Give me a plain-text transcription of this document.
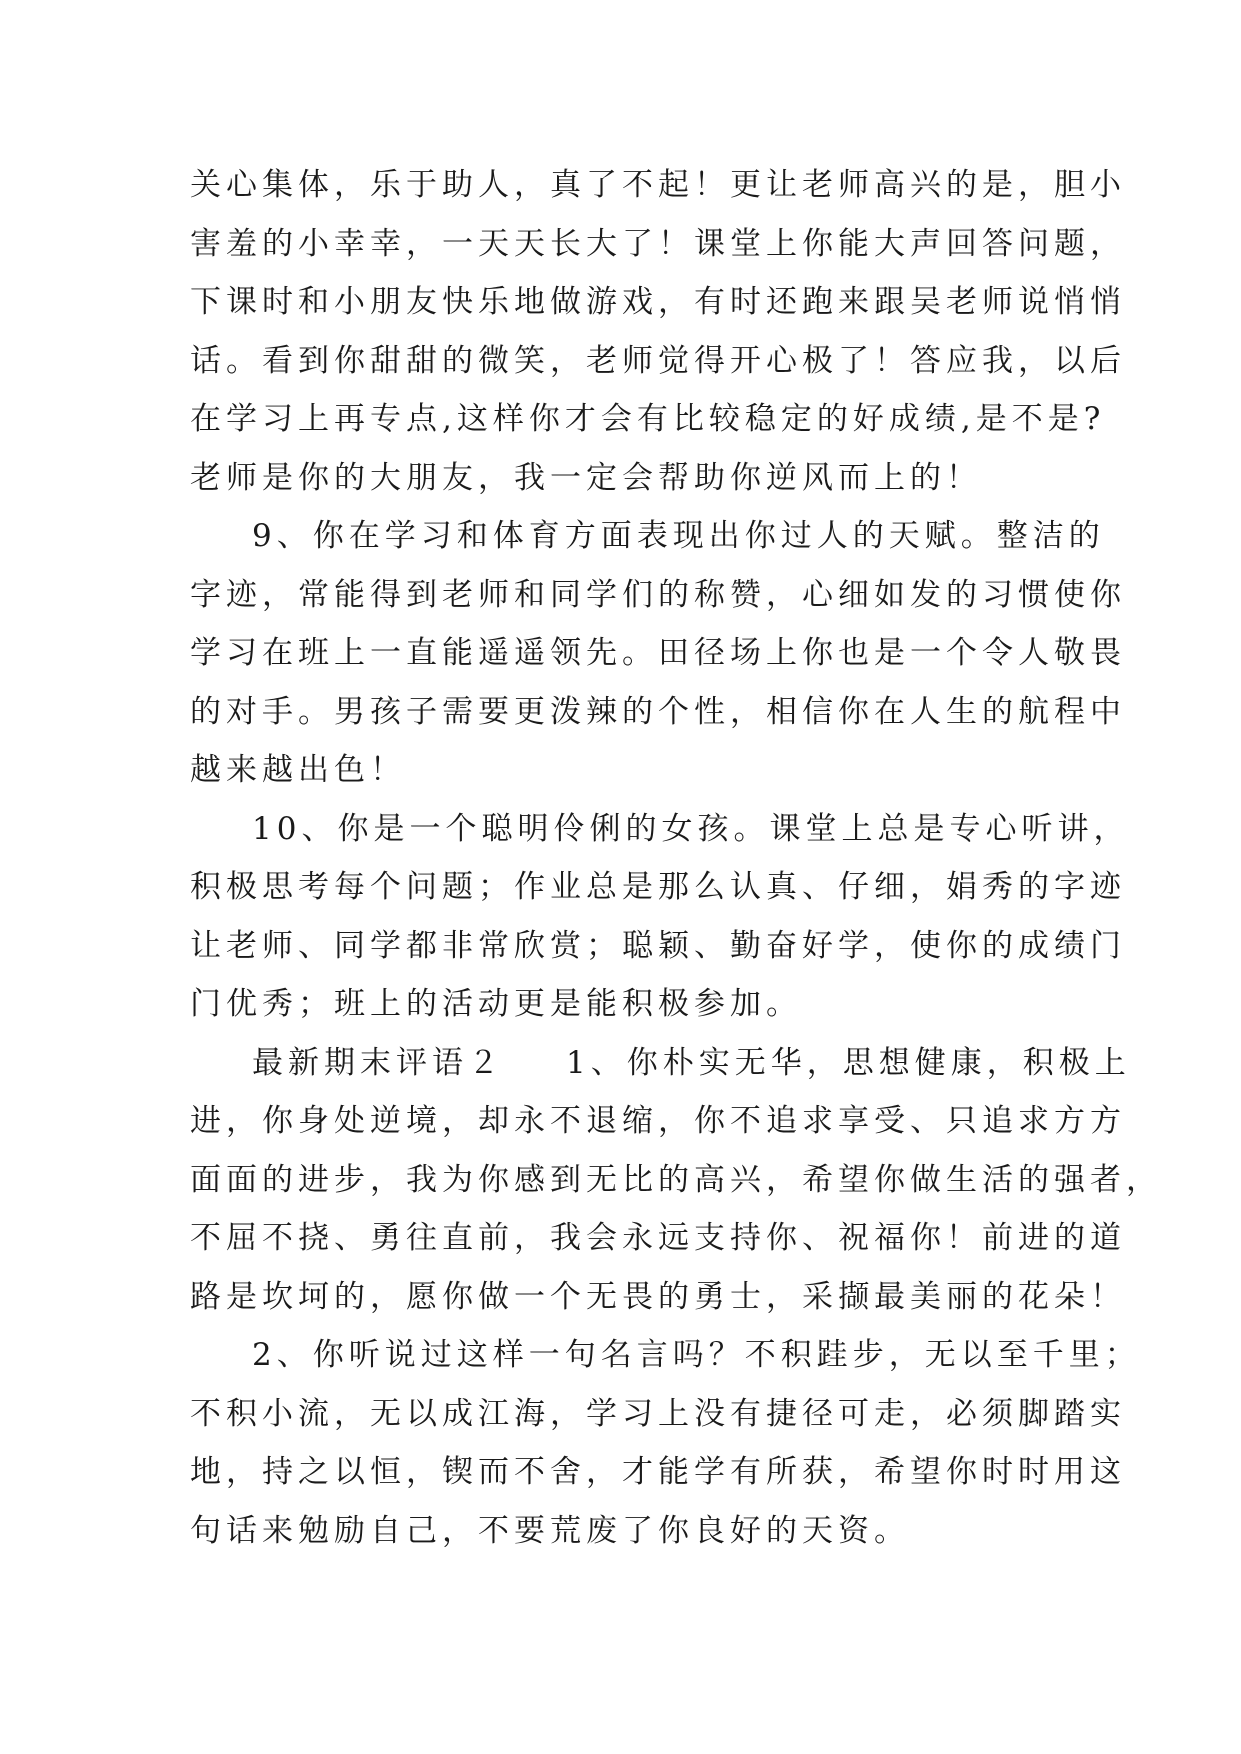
关心集体，乐于助人，真了不起！更让老师高兴的是，胆小
害羞的小幸幸，一天天长大了！课堂上你能大声回答问题，
下课时和小朋友快乐地做游戏，有时还跑来跟吴老师说悄悄
话。看到你甜甜的微笑，老师觉得开心极了！答应我，以后
在学习上再专点,这样你才会有比较稳定的好成绩,是不是?
老师是你的大朋友，我一定会帮助你逆风而上的！
9、你在学习和体育方面表现出你过人的天赋。整洁的
字迹，常能得到老师和同学们的称赞，心细如发的习惯使你
学习在班上一直能遥遥领先。田径场上你也是一个令人敬畏
的对手。男孩子需要更泼辣的个性，相信你在人生的航程中
越来越出色！
10、你是一个聪明伶俐的女孩。课堂上总是专心听讲，
积极思考每个问题；作业总是那么认真、仔细，娟秀的字迹
让老师、同学都非常欣赏；聪颖、勤奋好学，使你的成绩门
门优秀；班上的活动更是能积极参加。
最新期末评语２ 1、你朴实无华，思想健康，积极上
进，你身处逆境，却永不退缩，你不追求享受、只追求方方
面面的进步，我为你感到无比的高兴，希望你做生活的强者，
不屈不挠、勇往直前，我会永远支持你、祝福你！前进的道
路是坎坷的，愿你做一个无畏的勇士，采撷最美丽的花朵！
2、你听说过这样一句名言吗？不积跬步，无以至千里；
不积小流，无以成江海，学习上没有捷径可走，必须脚踏实
地，持之以恒，锲而不舍，才能学有所获，希望你时时用这
句话来勉励自己，不要荒废了你良好的天资。
